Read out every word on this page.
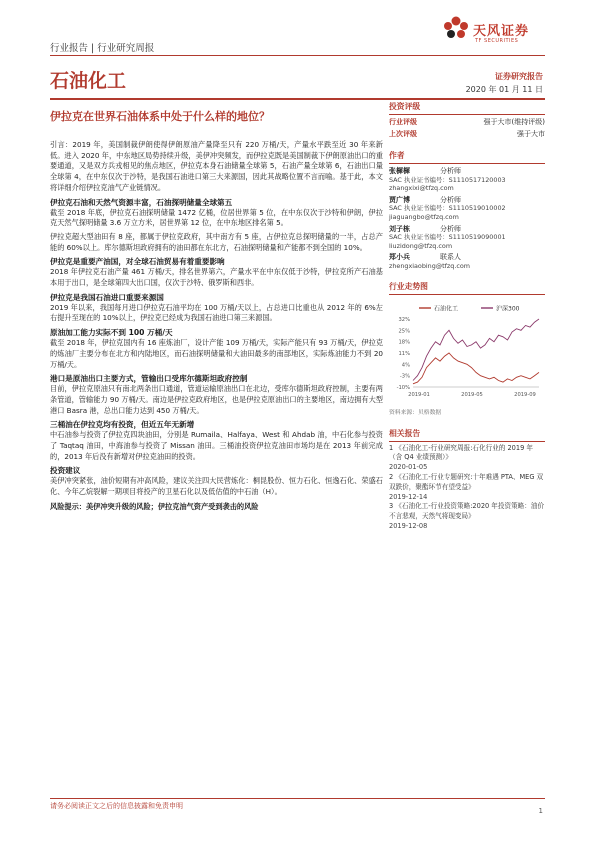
行业报告 | 行业研究周报
天风证券
TF SECURITIES
石油化工	证券研究报告
2020 年 01 月 11 日
伊拉克在世界石油体系中处于什么样的地位？

引言：2019 年，美国制裁伊朗使得伊朗原油产量降至只有 220 万桶/天，产量水平跌至近 30 年来新低。进入 2020 年，中东地区局势持续升级，美伊冲突频发，而伊拉克既是美国制裁下伊朗原油出口的重要通道，又是双方兵戎相见的焦点地区，伊拉克本身石油储量全球第 5，石油产量全球第 6，石油出口量全球第 4，在中东仅次于沙特，是我国石油进口第三大来源国，因此其战略位置不言而喻。基于此，本文将详细介绍伊拉克油气产业链情况。

伊拉克石油和天然气资源丰富，石油探明储量全球第五

截至 2018 年底，伊拉克石油探明储量 1472 亿桶，位居世界第 5 位，在中东仅次于沙特和伊朗，伊拉克天然气探明储量 3.6 万立方米，居世界第 12 位，在中东地区排名第 5。

伊拉克超大型油田有 8 座，都属于伊拉克政府，其中南方有 5 座，占伊拉克总探明储量的一半，占总产能的 60%以上。库尔德斯坦政府拥有的油田都在东北方，石油探明储量和产能都不到全国的 10%。

伊拉克是重要产油国，对全球石油贸易有着重要影响

2018 年伊拉克石油产量 461 万桶/天，排名世界第六，产量水平在中东仅低于沙特，伊拉克所产石油基本用于出口，是全球第四大出口国，仅次于沙特、俄罗斯和西非。

伊拉克是我国石油进口重要来源国

2019 年以来，我国每月进口伊拉克石油平均在 100 万桶/天以上，占总进口比重也从 2012 年的 6%左右提升至现在的 10%以上，伊拉克已经成为我国石油进口第三来源国。

原油加工能力实际不到 100 万桶/天

截至 2018 年，伊拉克国内有 16 座炼油厂，设计产能 109 万桶/天，实际产能只有 93 万桶/天，伊拉克的炼油厂主要分布在北方和内陆地区，而石油探明储量和大油田最多的南部地区，实际炼油能力不到 20 万桶/天。

港口是原油出口主要方式，管输出口受库尔德斯坦政府控制

目前，伊拉克原油只有南北两条出口通道，管道运输原油出口在北边，受库尔德斯坦政府控制，主要有两条管道，管输能力 90 万桶/天。南边是伊拉克政府地区，也是伊拉克原油出口的主要地区，南边拥有大型港口 Basra 港，总出口能力达到 450 万桶/天。

三桶油在伊拉克均有投资，但近五年无新增

中石油参与投资了伊拉克四块油田，分别是 Rumaila、Halfaya、West 和 Ahdab 油，中石化参与投资了 Taqtaq 油田，中海油参与投资了 Missan 油田。三桶油投资伊拉克油田市场均是在 2013 年前完成的，2013 年后没有新增对伊拉克油田的投资。

投资建议

美伊冲突紧张，油价短期有冲高风险，建议关注四大民营炼化：桐昆股份、恒力石化、恒逸石化、荣盛石化、今年乙烷裂解一期项目将投产的卫星石化以及低估值的中石油（H）。

风险提示：美伊冲突升级的风险；伊拉克油气资产受到袭击的风险

投资评级
行业评级	强于大市(维持评级)
上次评级	强于大市
作者
张樨樨	分析师
SAC 执业证书编号：S1110517120003
zhangxixi@tfzq.com
贾广博	分析师
SAC 执业证书编号：S1110519010002
jiaguangbo@tfzq.com
刘子栋	分析师
SAC 执业证书编号：S1110519090001
liuzidong@tfzq.com
郑小兵	联系人
zhengxiaobing@tfzq.com
行业走势图
石油化工	沪深300
32%
25%
18%
11%
4%
-3%
-10%
2019-01	2019-05	2019-09
资料来源：贝格数据
相关报告
1 《石油化工-行业研究周报:石化行业的 2019 年（含 Q4 业绩预测）》
2020-01-05
2 《石油化工-行业专题研究:十年难遇 PTA、MEG 双双跌价，聚酯环节有望受益》
2019-12-14
3 《石油化工-行业投资策略:2020 年投资策略：油价不言悲观，天然气将现变局》
2019-12-08
请务必阅读正文之后的信息披露和免责申明
1
